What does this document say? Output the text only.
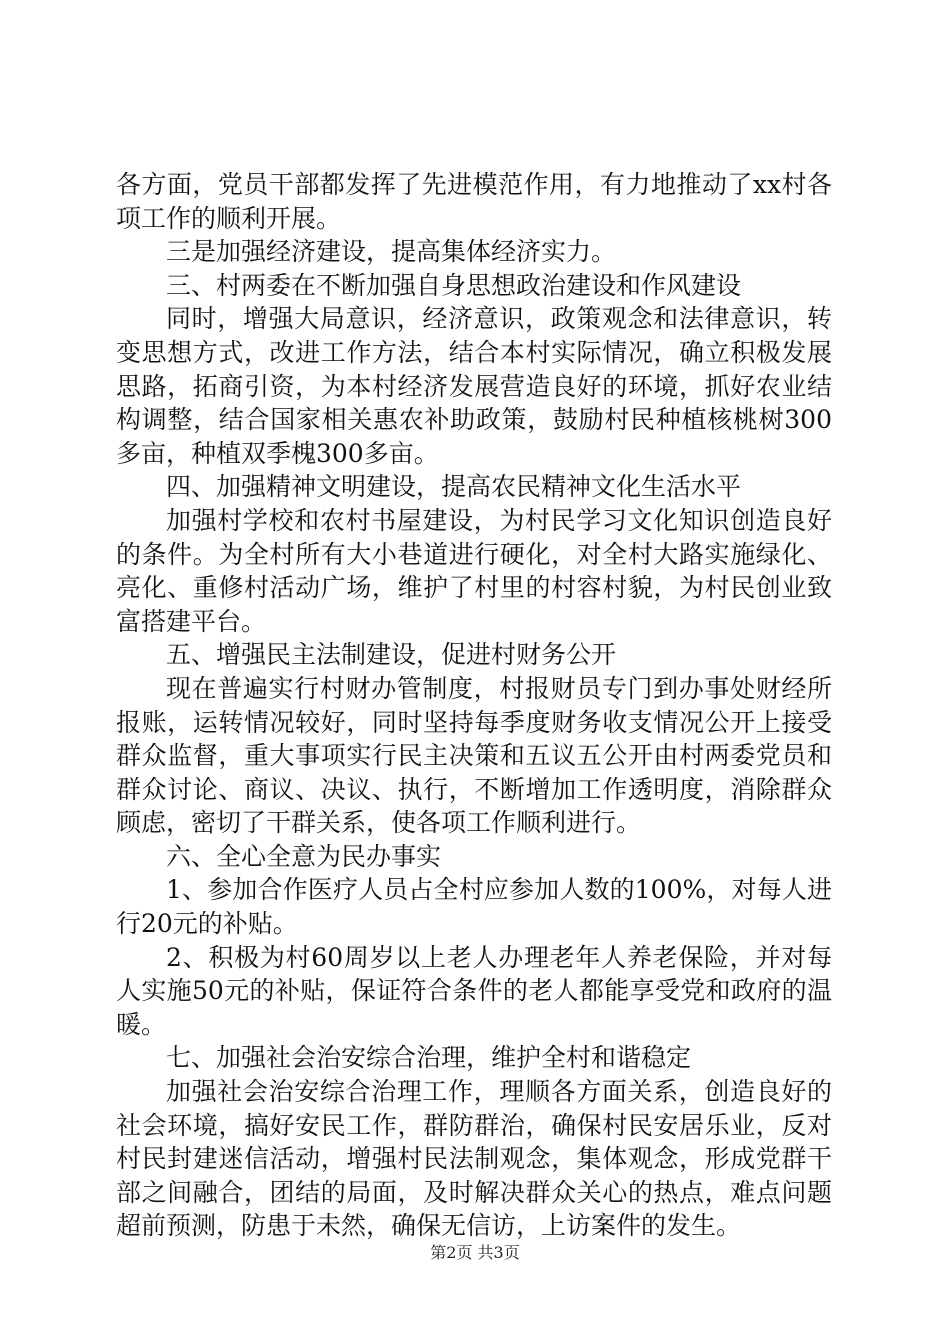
各方面，党员干部都发挥了先进模范作用，有力地推动了xx村各项工作的顺利开展。

三是加强经济建设，提高集体经济实力。

三、村两委在不断加强自身思想政治建设和作风建设

同时，增强大局意识，经济意识，政策观念和法律意识，转变思想方式，改进工作方法，结合本村实际情况，确立积极发展思路，拓商引资，为本村经济发展营造良好的环境，抓好农业结构调整，结合国家相关惠农补助政策，鼓励村民种植核桃树300多亩，种植双季槐300多亩。

四、加强精神文明建设，提高农民精神文化生活水平

加强村学校和农村书屋建设，为村民学习文化知识创造良好的条件。为全村所有大小巷道进行硬化，对全村大路实施绿化、亮化、重修村活动广场，维护了村里的村容村貌，为村民创业致富搭建平台。

五、增强民主法制建设，促进村财务公开

现在普遍实行村财办管制度，村报财员专门到办事处财经所报账，运转情况较好，同时坚持每季度财务收支情况公开上接受群众监督，重大事项实行民主决策和五议五公开由村两委党员和群众讨论、商议、决议、执行，不断增加工作透明度，消除群众顾虑，密切了干群关系，使各项工作顺利进行。

六、全心全意为民办事实

1、参加合作医疗人员占全村应参加人数的100%，对每人进行20元的补贴。

2、积极为村60周岁以上老人办理老年人养老保险，并对每人实施50元的补贴，保证符合条件的老人都能享受党和政府的温暖。

七、加强社会治安综合治理，维护全村和谐稳定

加强社会治安综合治理工作，理顺各方面关系，创造良好的社会环境，搞好安民工作，群防群治，确保村民安居乐业，反对村民封建迷信活动，增强村民法制观念，集体观念，形成党群干部之间融合，团结的局面，及时解决群众关心的热点，难点问题超前预测，防患于未然，确保无信访，上访案件的发生。

第2页 共3页
